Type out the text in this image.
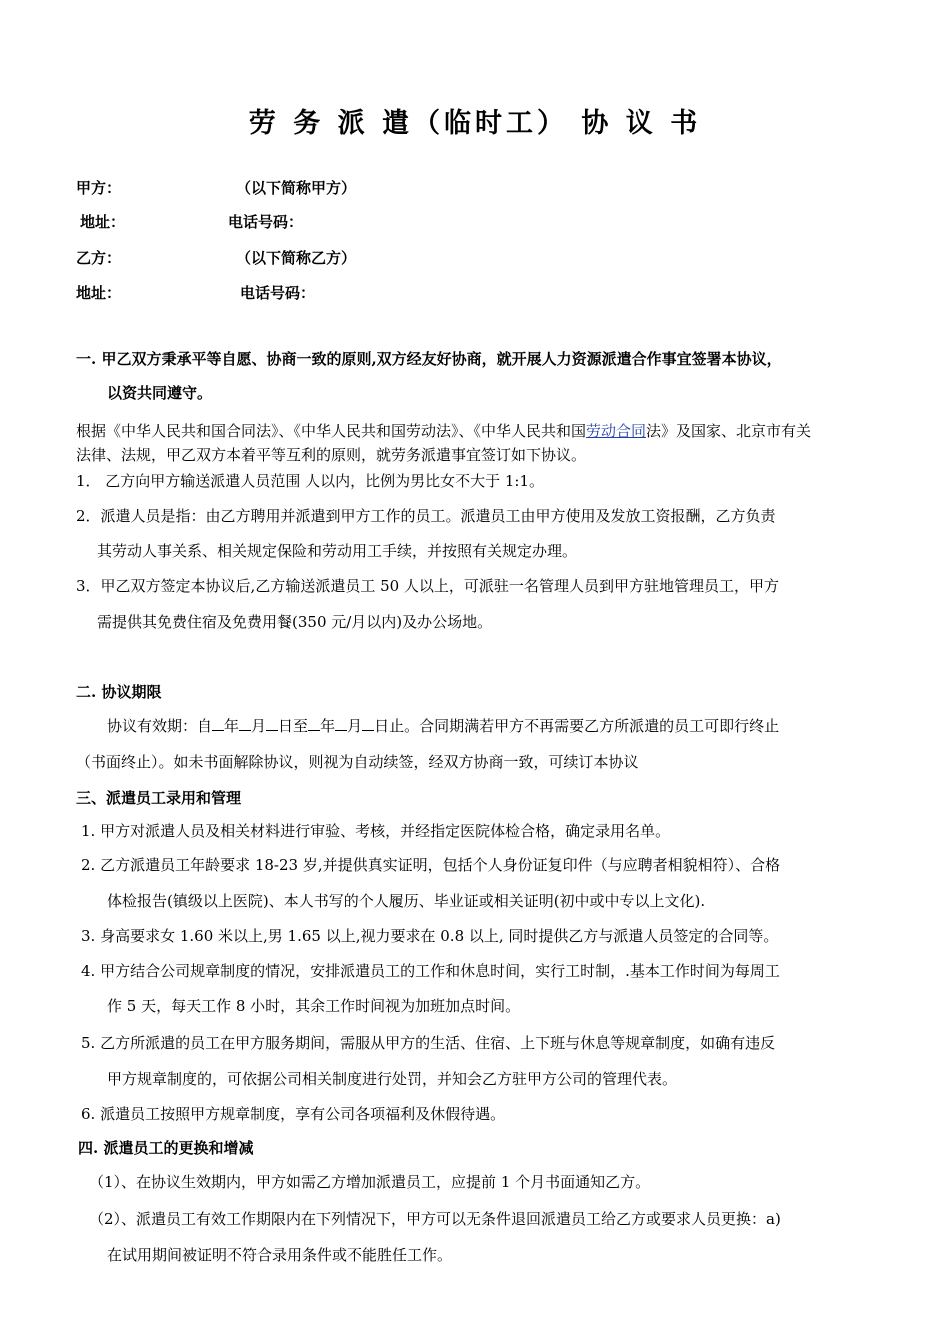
劳 务 派 遣（临时工） 协 议 书
甲方：	（以下简称甲方）
地址：	电话号码：
乙方：	（以下简称乙方）
地址：	电话号码：
一. 甲乙双方秉承平等自愿、协商一致的原则,双方经友好协商，就开展人力资源派遣合作事宜签署本协议，
以资共同遵守。
根据《中华人民共和国合同法》、《中华人民共和国劳动法》、《中华人民共和国劳动合同法》及国家、北京市有关
法律、法规，甲乙双方本着平等互利的原则，就劳务派遣事宜签订如下协议。
1． 乙方向甲方输送派遣人员范围 人以内，比例为男比女不大于 1:1。
2．派遣人员是指：由乙方聘用并派遣到甲方工作的员工。派遣员工由甲方使用及发放工资报酬，乙方负责
其劳动人事关系、相关规定保险和劳动用工手续，并按照有关规定办理。
3．甲乙双方签定本协议后,乙方输送派遣员工 50 人以上，可派驻一名管理人员到甲方驻地管理员工，甲方
需提供其免费住宿及免费用餐(350 元/月以内)及办公场地。
二. 协议期限
协议有效期：自 年 月 日至 年 月 日止。合同期满若甲方不再需要乙方所派遣的员工可即行终止
（书面终止）。如未书面解除协议，则视为自动续签，经双方协商一致，可续订本协议
三、派遣员工录用和管理
1. 甲方对派遣人员及相关材料进行审验、考核，并经指定医院体检合格，确定录用名单。
2. 乙方派遣员工年龄要求 18-23 岁,并提供真实证明，包括个人身份证复印件（与应聘者相貌相符）、合格
体检报告(镇级以上医院)、本人书写的个人履历、毕业证或相关证明(初中或中专以上文化).
3. 身高要求女 1.60 米以上,男 1.65 以上,视力要求在 0.8 以上, 同时提供乙方与派遣人员签定的合同等。
4. 甲方结合公司规章制度的情况，安排派遣员工的工作和休息时间，实行工时制，.基本工作时间为每周工
作 5 天，每天工作 8 小时，其余工作时间视为加班加点时间。
5. 乙方所派遣的员工在甲方服务期间，需服从甲方的生活、住宿、上下班与休息等规章制度，如确有违反
甲方规章制度的，可依据公司相关制度进行处罚，并知会乙方驻甲方公司的管理代表。
6. 派遣员工按照甲方规章制度，享有公司各项福利及休假待遇。
四. 派遣员工的更换和增减
（1）、在协议生效期内，甲方如需乙方增加派遣员工，应提前 1 个月书面通知乙方。
（2）、派遣员工有效工作期限内在下列情况下，甲方可以无条件退回派遣员工给乙方或要求人员更换：a)
在试用期间被证明不符合录用条件或不能胜任工作。
